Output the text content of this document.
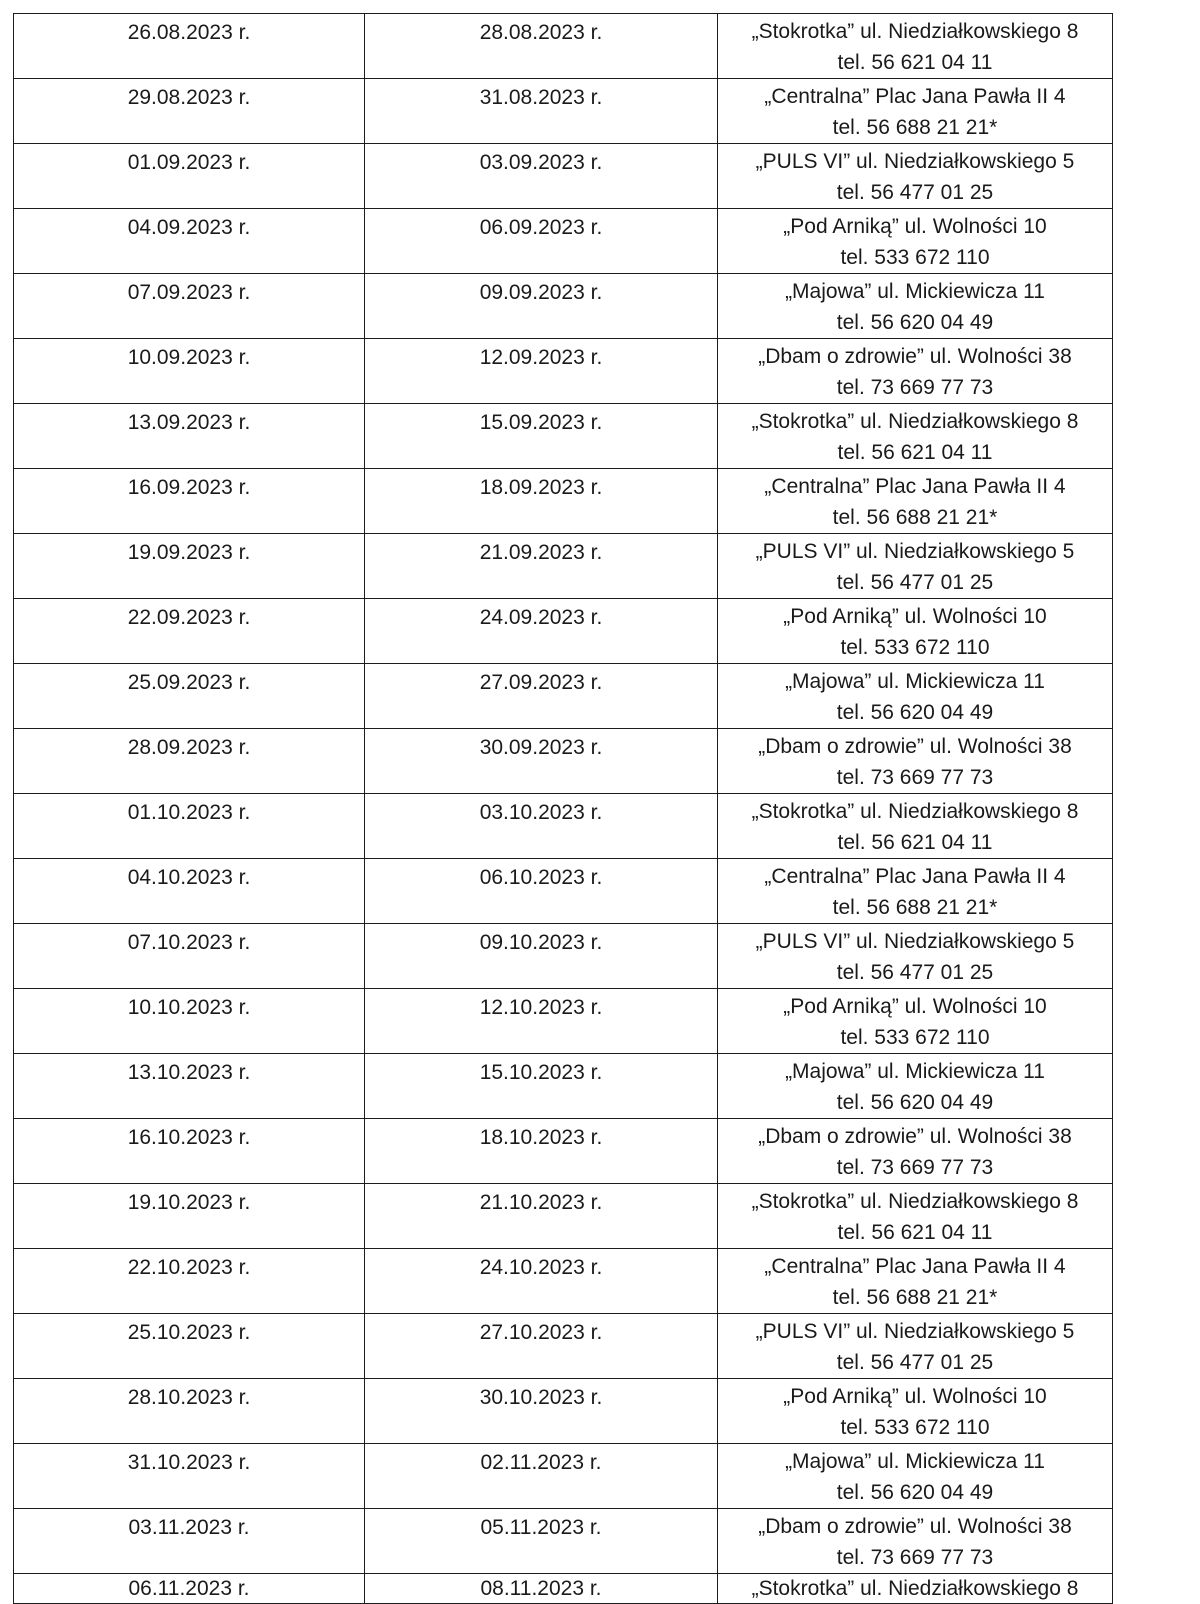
26.08.2023 r.	28.08.2023 r.	„Stokrotka” ul. Niedziałkowskiego 8
tel. 56 621 04 11

29.08.2023 r.	31.08.2023 r.	„Centralna” Plac Jana Pawła II 4
tel. 56 688 21 21*

01.09.2023 r.	03.09.2023 r.	„PULS VI” ul. Niedziałkowskiego 5
tel. 56 477 01 25

04.09.2023 r.	06.09.2023 r.	„Pod Arniką” ul. Wolności 10
tel. 533 672 110

07.09.2023 r.	09.09.2023 r.	„Majowa” ul. Mickiewicza 11
tel. 56 620 04 49

10.09.2023 r.	12.09.2023 r.	„Dbam o zdrowie” ul. Wolności 38
tel. 73 669 77 73

13.09.2023 r.	15.09.2023 r.	„Stokrotka” ul. Niedziałkowskiego 8
tel. 56 621 04 11

16.09.2023 r.	18.09.2023 r.	„Centralna” Plac Jana Pawła II 4
tel. 56 688 21 21*

19.09.2023 r.	21.09.2023 r.	„PULS VI” ul. Niedziałkowskiego 5
tel. 56 477 01 25

22.09.2023 r.	24.09.2023 r.	„Pod Arniką” ul. Wolności 10
tel. 533 672 110

25.09.2023 r.	27.09.2023 r.	„Majowa” ul. Mickiewicza 11
tel. 56 620 04 49

28.09.2023 r.	30.09.2023 r.	„Dbam o zdrowie” ul. Wolności 38
tel. 73 669 77 73

01.10.2023 r.	03.10.2023 r.	„Stokrotka” ul. Niedziałkowskiego 8
tel. 56 621 04 11

04.10.2023 r.	06.10.2023 r.	„Centralna” Plac Jana Pawła II 4
tel. 56 688 21 21*

07.10.2023 r.	09.10.2023 r.	„PULS VI” ul. Niedziałkowskiego 5
tel. 56 477 01 25

10.10.2023 r.	12.10.2023 r.	„Pod Arniką” ul. Wolności 10
tel. 533 672 110

13.10.2023 r.	15.10.2023 r.	„Majowa” ul. Mickiewicza 11
tel. 56 620 04 49

16.10.2023 r.	18.10.2023 r.	„Dbam o zdrowie” ul. Wolności 38
tel. 73 669 77 73

19.10.2023 r.	21.10.2023 r.	„Stokrotka” ul. Niedziałkowskiego 8
tel. 56 621 04 11

22.10.2023 r.	24.10.2023 r.	„Centralna” Plac Jana Pawła II 4
tel. 56 688 21 21*

25.10.2023 r.	27.10.2023 r.	„PULS VI” ul. Niedziałkowskiego 5
tel. 56 477 01 25

28.10.2023 r.	30.10.2023 r.	„Pod Arniką” ul. Wolności 10
tel. 533 672 110

31.10.2023 r.	02.11.2023 r.	„Majowa” ul. Mickiewicza 11
tel. 56 620 04 49

03.11.2023 r.	05.11.2023 r.	„Dbam o zdrowie” ul. Wolności 38
tel. 73 669 77 73

06.11.2023 r.	08.11.2023 r.	„Stokrotka” ul. Niedziałkowskiego 8
